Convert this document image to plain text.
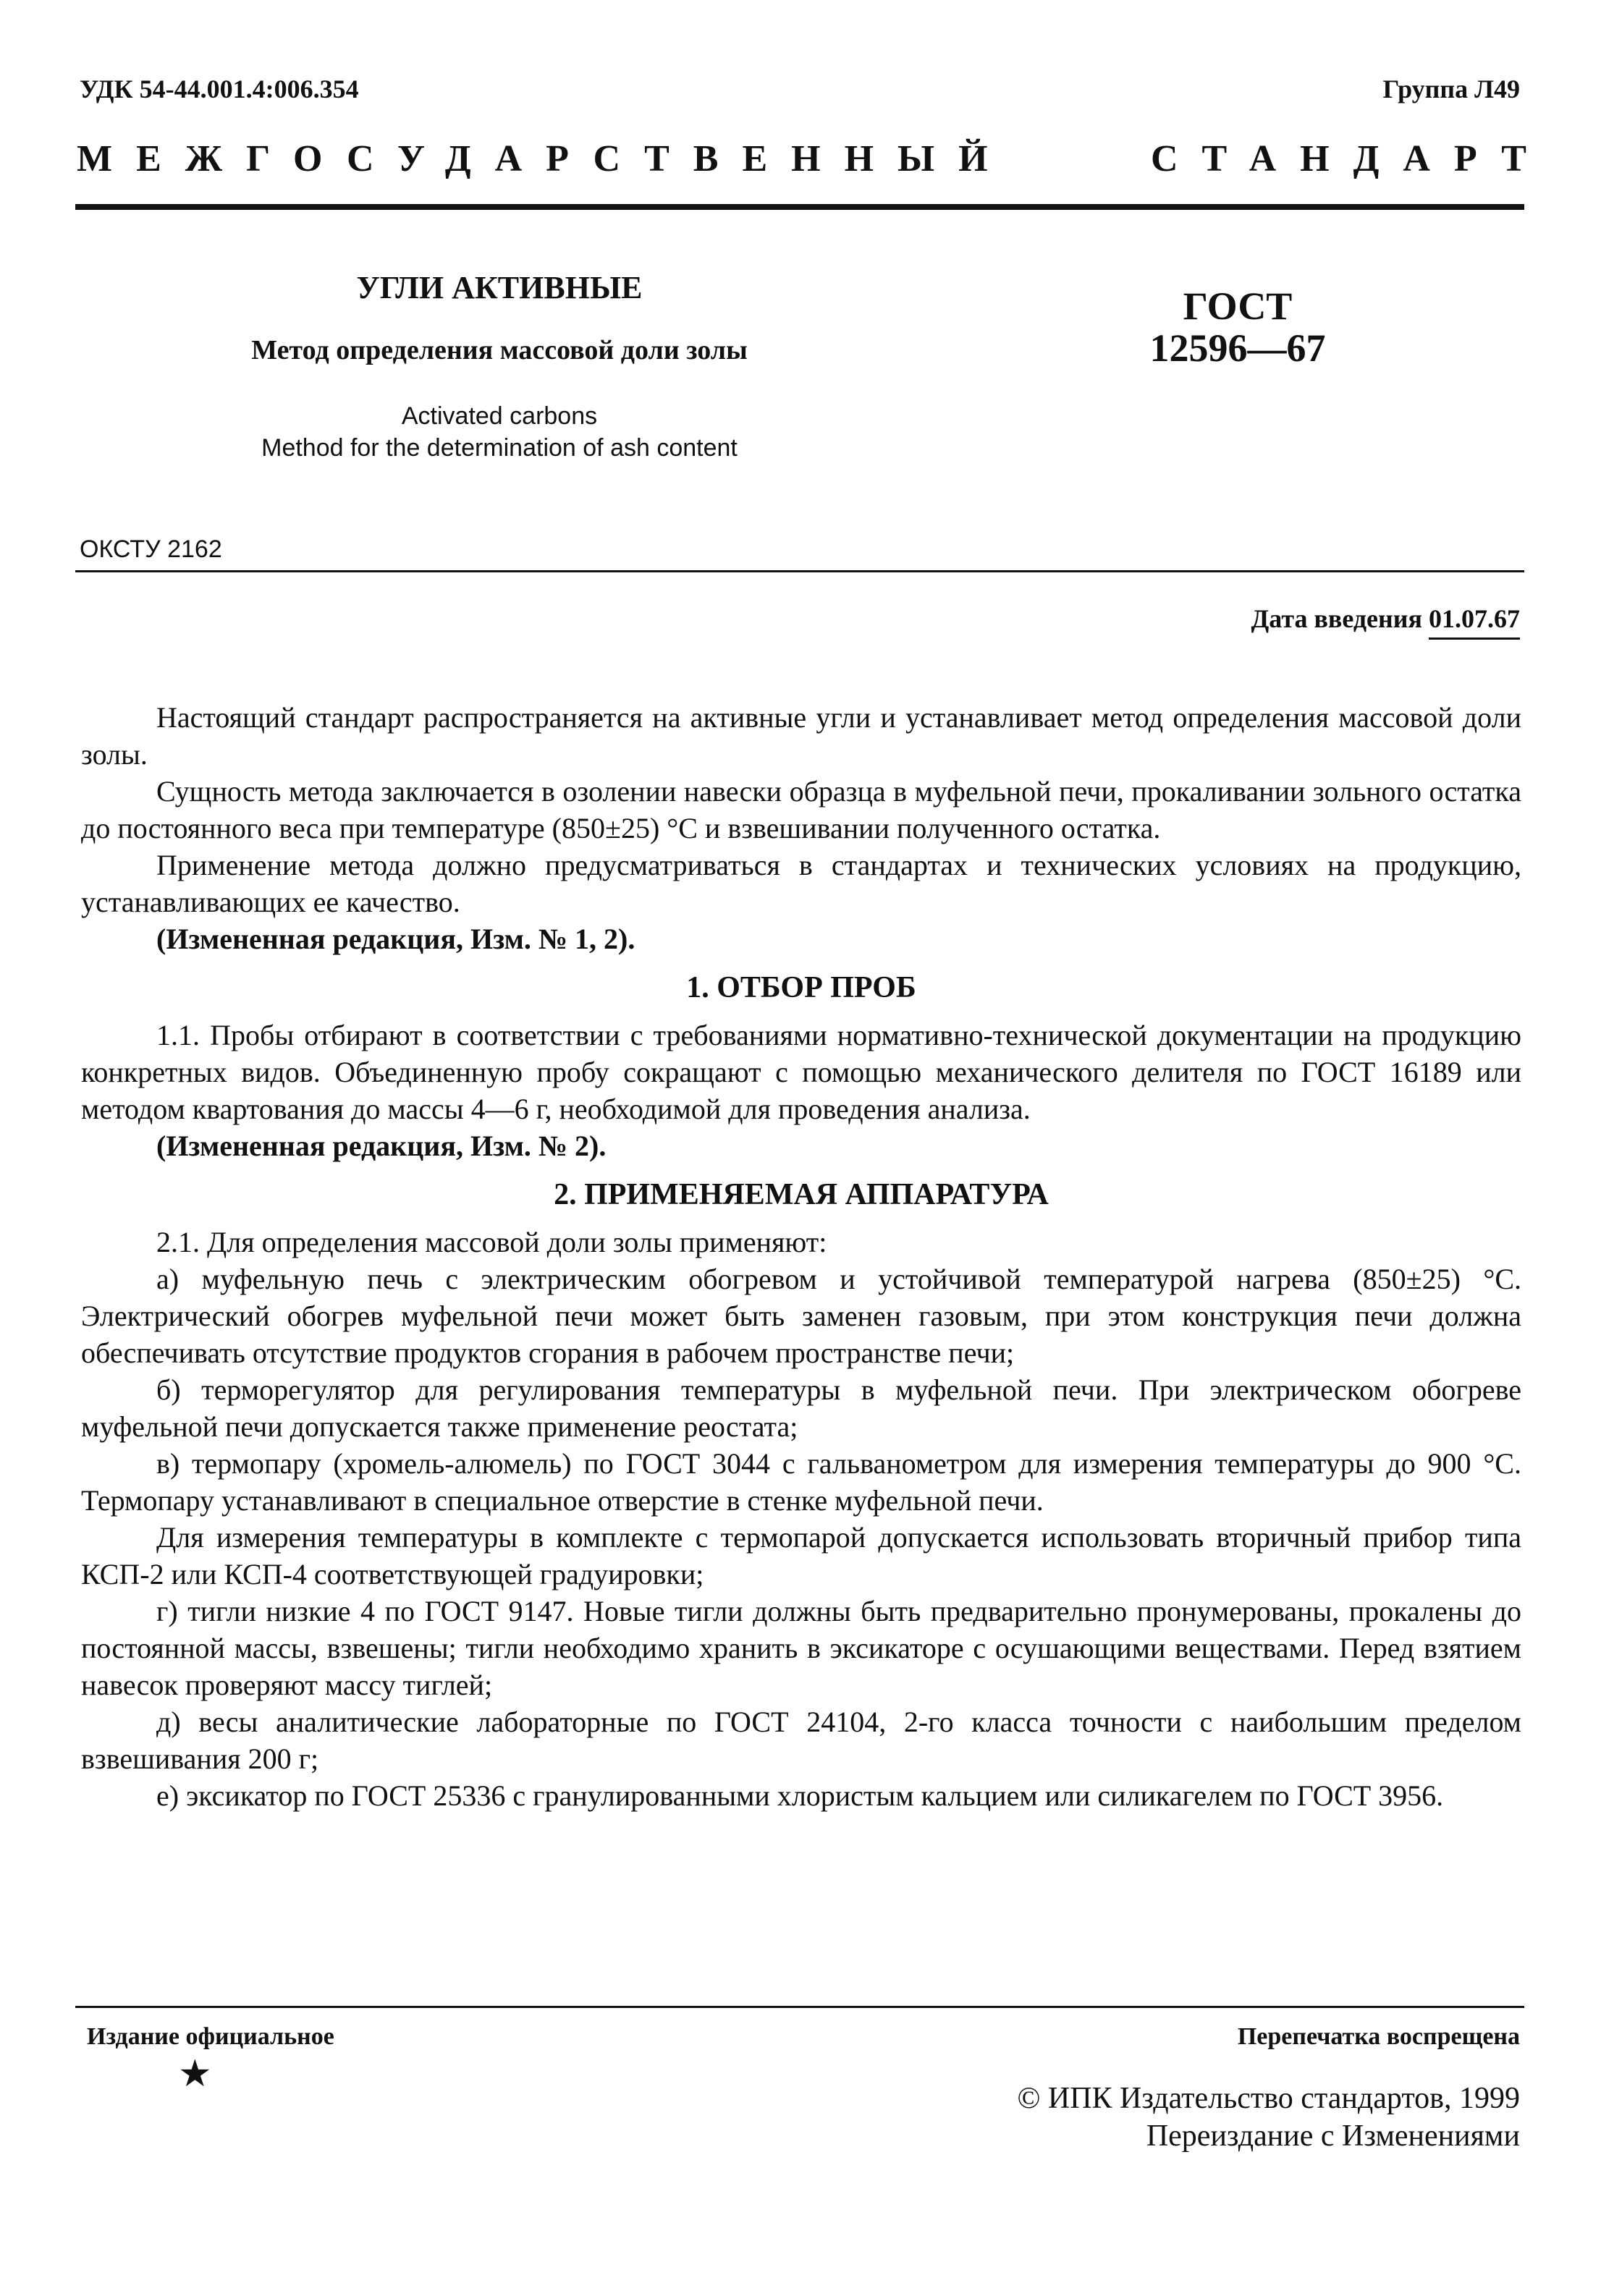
УДК 54-44.001.4:006.354	Группа Л49
МЕЖГОСУДАРСТВЕННЫЙ	СТАНДАРТ
УГЛИ АКТИВНЫЕ
Метод определения массовой доли золы
Activated carbons
Method for the determination of ash content
ГОСТ
12596—67
ОКСТУ 2162
Дата введения 01.07.67

Настоящий стандарт распространяется на активные угли и устанавливает метод определения массовой доли золы.

Сущность метода заключается в озолении навески образца в муфельной печи, прокаливании зольного остатка до постоянного веса при температуре (850±25) °С и взвешивании полученного остатка.

Применение метода должно предусматриваться в стандартах и технических условиях на продукцию, устанавливающих ее качество.

(Измененная редакция, Изм. № 1, 2).

1. ОТБОР ПРОБ

1.1. Пробы отбирают в соответствии с требованиями нормативно-технической документации на продукцию конкретных видов. Объединенную пробу сокращают с помощью механического делителя по ГОСТ 16189 или методом квартования до массы 4—6 г, необходимой для проведения анализа.

(Измененная редакция, Изм. № 2).

2. ПРИМЕНЯЕМАЯ АППАРАТУРА

2.1. Для определения массовой доли золы применяют:

а) муфельную печь с электрическим обогревом и устойчивой температурой нагрева (850±25) °С. Электрический обогрев муфельной печи может быть заменен газовым, при этом конструкция печи должна обеспечивать отсутствие продуктов сгорания в рабочем пространстве печи;

б) терморегулятор для регулирования температуры в муфельной печи. При электрическом обогреве муфельной печи допускается также применение реостата;

в) термопару (хромель-алюмель) по ГОСТ 3044 с гальванометром для измерения температуры до 900 °С. Термопару устанавливают в специальное отверстие в стенке муфельной печи.

Для измерения температуры в комплекте с термопарой допускается использовать вторичный прибор типа КСП-2 или КСП-4 соответствующей градуировки;

г) тигли низкие 4 по ГОСТ 9147. Новые тигли должны быть предварительно пронумерованы, прокалены до постоянной массы, взвешены; тигли необходимо хранить в эксикаторе с осушающими веществами. Перед взятием навесок проверяют массу тиглей;

д) весы аналитические лабораторные по ГОСТ 24104, 2-го класса точности с наибольшим пределом взвешивания 200 г;

е) эксикатор по ГОСТ 25336 с гранулированными хлористым кальцием или силикагелем по ГОСТ 3956.

Издание официальное	Перепечатка воспрещена
★
© ИПК Издательство стандартов, 1999
Переиздание с Изменениями
